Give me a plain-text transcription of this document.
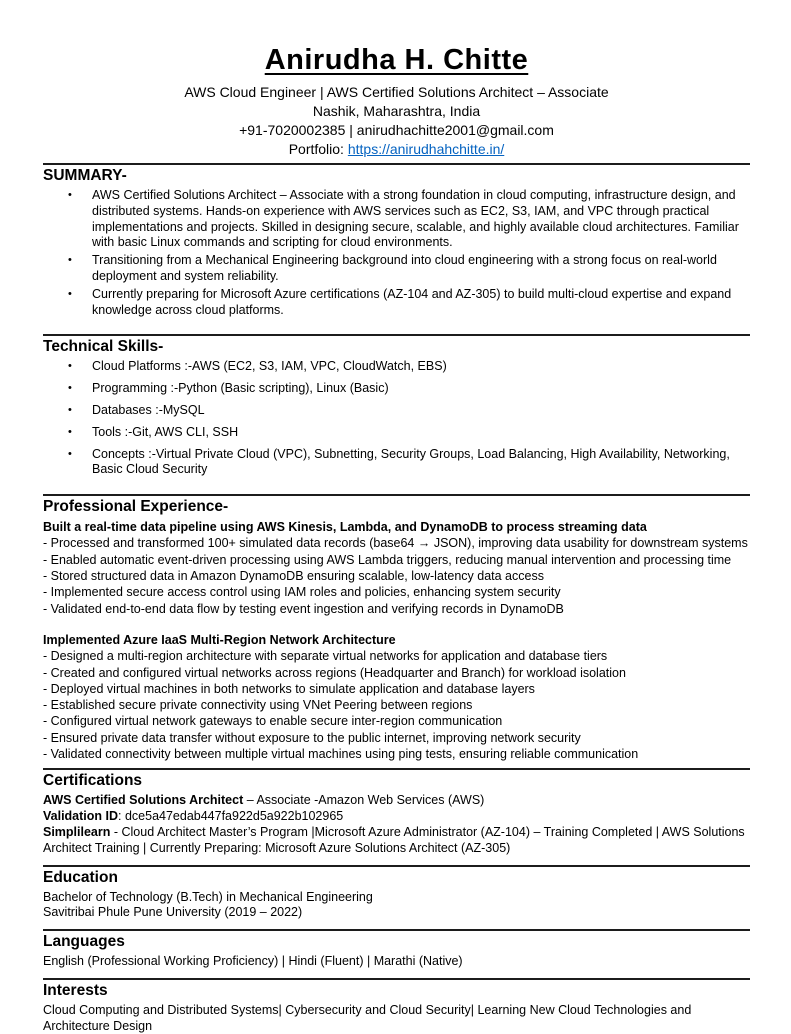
Anirudha H. Chitte
AWS Cloud Engineer | AWS Certified Solutions Architect – Associate
Nashik, Maharashtra, India
+91-7020002385 | anirudhachitte2001@gmail.com
Portfolio: https://anirudhahchitte.in/
SUMMARY-
•	AWS Certified Solutions Architect – Associate with a strong foundation in cloud computing, infrastructure design, and distributed systems. Hands-on experience with AWS services such as EC2, S3, IAM, and VPC through practical implementations and projects. Skilled in designing secure, scalable, and highly available cloud architectures. Familiar with basic Linux commands and scripting for cloud environments.
•	Transitioning from a Mechanical Engineering background into cloud engineering with a strong focus on real-world deployment and system reliability.
•	Currently preparing for Microsoft Azure certifications (AZ-104 and AZ-305) to build multi-cloud expertise and expand knowledge across cloud platforms.
Technical Skills-
•	Cloud Platforms :-AWS (EC2, S3, IAM, VPC, CloudWatch, EBS)
•	Programming :-Python (Basic scripting), Linux (Basic)
•	Databases :-MySQL
•	Tools :-Git, AWS CLI, SSH
•	Concepts :-Virtual Private Cloud (VPC), Subnetting, Security Groups, Load Balancing, High Availability, Networking, Basic Cloud Security
Professional Experience-
Built a real-time data pipeline using AWS Kinesis, Lambda, and DynamoDB to process streaming data
- Processed and transformed 100+ simulated data records (base64 → JSON), improving data usability for downstream systems
- Enabled automatic event-driven processing using AWS Lambda triggers, reducing manual intervention and processing time
- Stored structured data in Amazon DynamoDB ensuring scalable, low-latency data access
- Implemented secure access control using IAM roles and policies, enhancing system security
- Validated end-to-end data flow by testing event ingestion and verifying records in DynamoDB
Implemented Azure IaaS Multi-Region Network Architecture
- Designed a multi-region architecture with separate virtual networks for application and database tiers
- Created and configured virtual networks across regions (Headquarter and Branch) for workload isolation
- Deployed virtual machines in both networks to simulate application and database layers
- Established secure private connectivity using VNet Peering between regions
- Configured virtual network gateways to enable secure inter-region communication
- Ensured private data transfer without exposure to the public internet, improving network security
- Validated connectivity between multiple virtual machines using ping tests, ensuring reliable communication
Certifications
AWS Certified Solutions Architect – Associate -Amazon Web Services (AWS)
Validation ID: dce5a47edab447fa922d5a922b102965
Simplilearn - Cloud Architect Master’s Program |Microsoft Azure Administrator (AZ-104) – Training Completed | AWS Solutions Architect Training | Currently Preparing: Microsoft Azure Solutions Architect (AZ-305)
Education
Bachelor of Technology (B.Tech) in Mechanical Engineering
Savitribai Phule Pune University (2019 – 2022)
Languages
English (Professional Working Proficiency) | Hindi (Fluent) | Marathi (Native)
Interests
Cloud Computing and Distributed Systems| Cybersecurity and Cloud Security| Learning New Cloud Technologies and Architecture Design
